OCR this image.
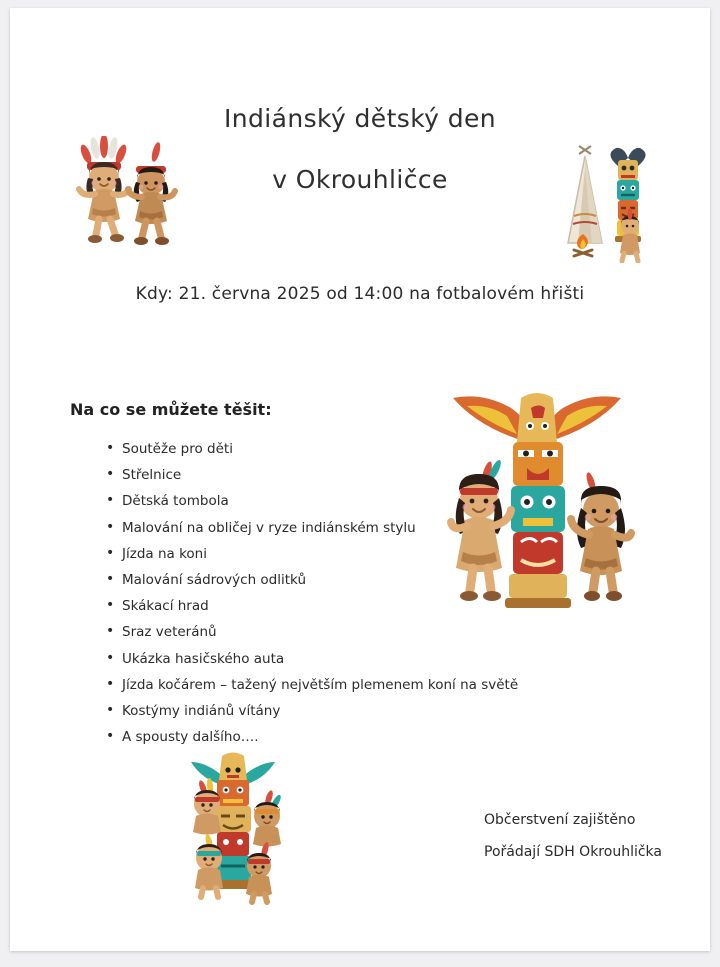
Indiánský dětský den
v Okrouhličce
Kdy: 21. června 2025 od 14:00 na fotbalovém hřišti
Na co se můžete těšit:
• Soutěže pro děti
• Střelnice
• Dětská tombola
• Malování na obličej v ryze indiánském stylu
• Jízda na koni
• Malování sádrových odlitků
• Skákací hrad
• Sraz veteránů
• Ukázka hasičského auta
• Jízda kočárem – tažený největším plemenem koní na světě
• Kostýmy indiánů vítány
• A spousty dalšího….
Občerstvení zajištěno
Pořádají SDH Okrouhlička
